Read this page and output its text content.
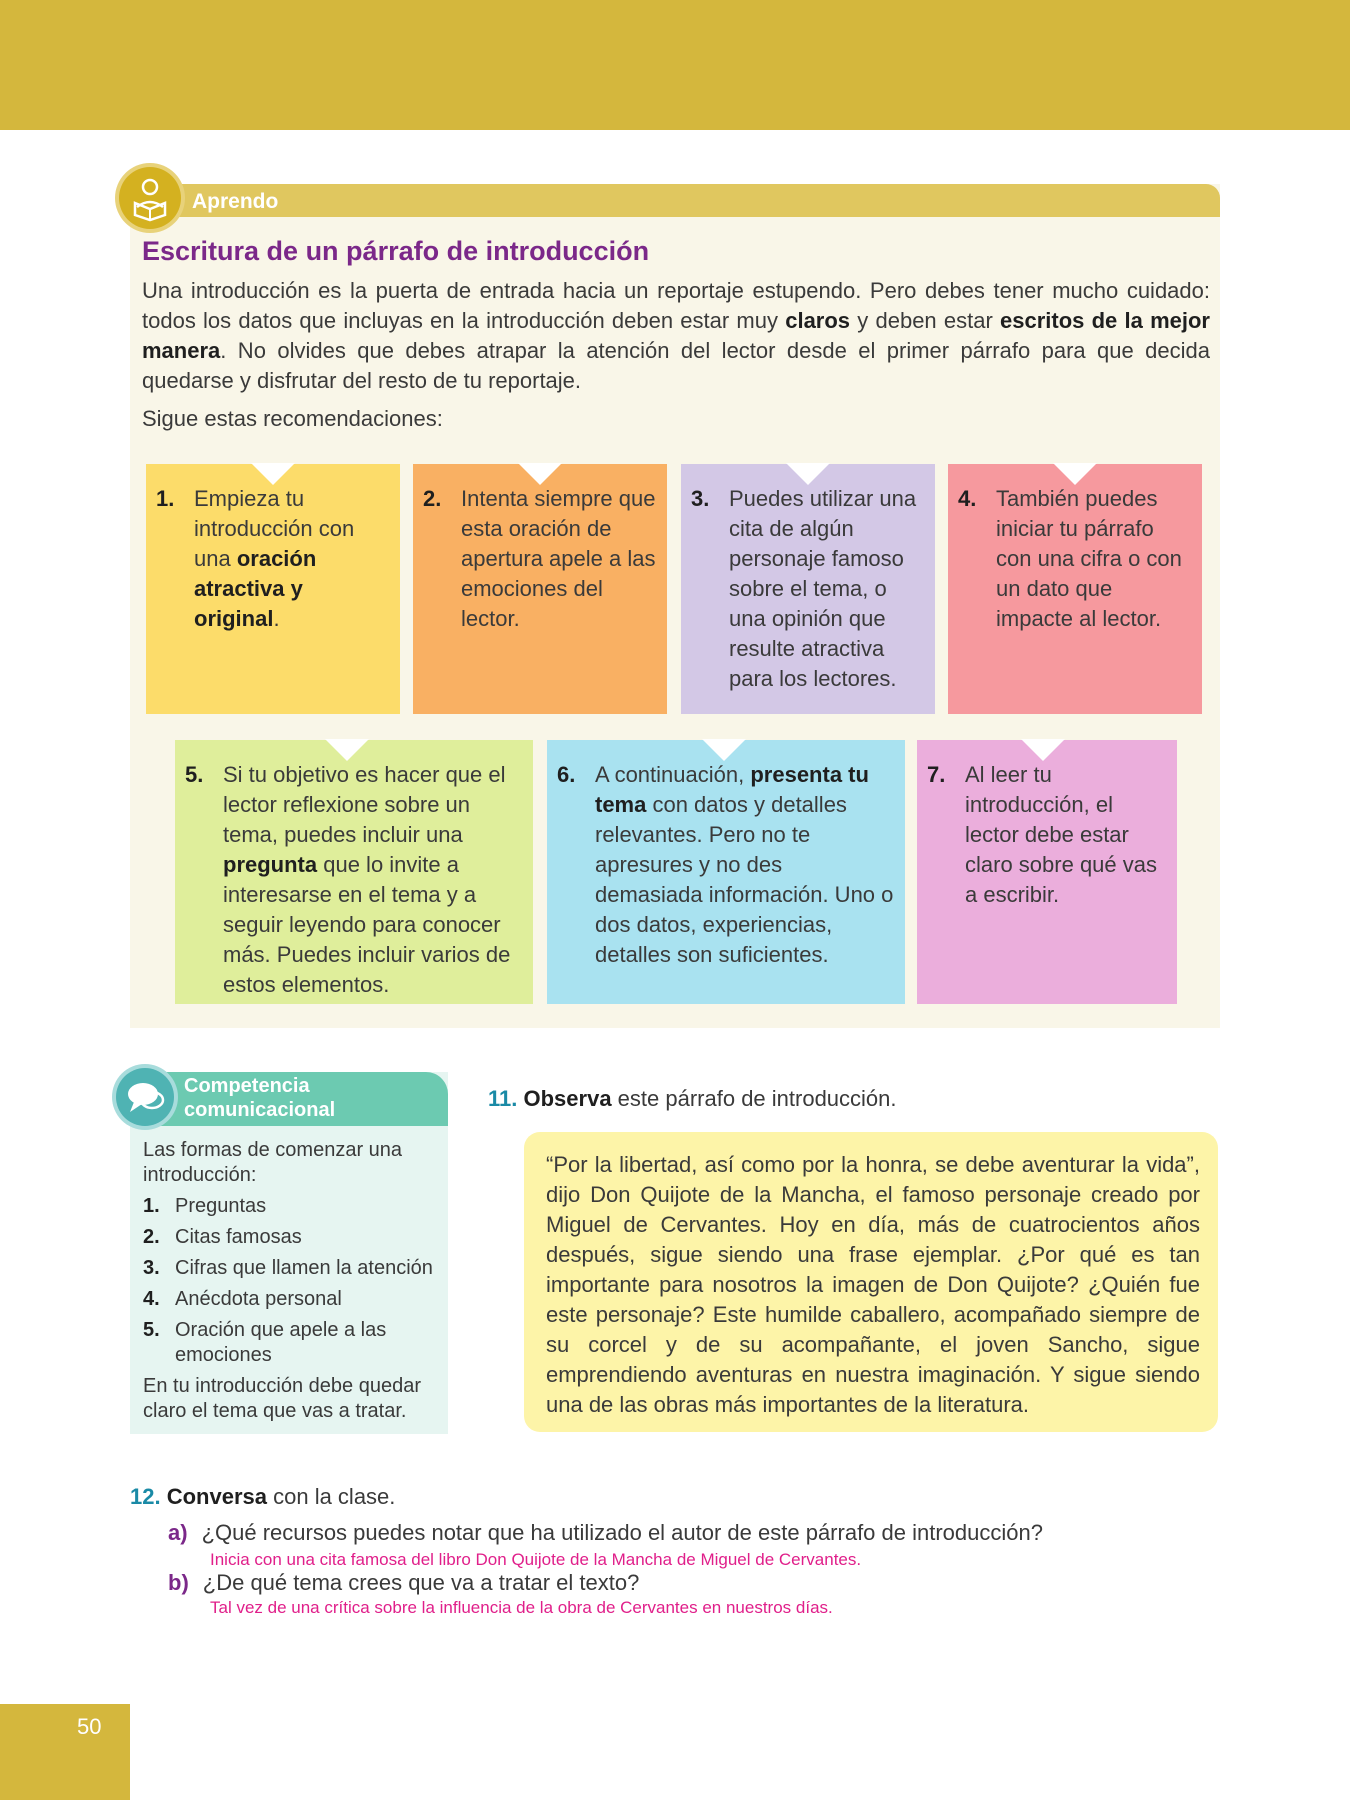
Aprendo
Escritura de un párrafo de introducción

Una introducción es la puerta de entrada hacia un reportaje estupendo. Pero debes tener mucho cuidado: todos los datos que incluyas en la introducción deben estar muy claros y deben estar escritos de la mejor manera. No olvides que debes atrapar la atención del lector desde el primer párrafo para que decida quedarse y disfrutar del resto de tu reportaje.

Sigue estas recomendaciones:

1. Empieza tu introducción con una oración atractiva y original.
2. Intenta siempre que esta oración de apertura apele a las emociones del lector.
3. Puedes utilizar una cita de algún personaje famoso sobre el tema, o una opinión que resulte atractiva para los lectores.
4. También puedes iniciar tu párrafo con una cifra o con un dato que impacte al lector.
5. Si tu objetivo es hacer que el lector reflexione sobre un tema, puedes incluir una pregunta que lo invite a interesarse en el tema y a seguir leyendo para conocer más. Puedes incluir varios de estos elementos.
6. A continuación, presenta tu tema con datos y detalles relevantes. Pero no te apresures y no des demasiada información. Uno o dos datos, experiencias, detalles son suficientes.
7. Al leer tu introducción, el lector debe estar claro sobre qué vas a escribir.
Competencia
comunicacional

Las formas de comenzar una introducción:

1. Preguntas
2. Citas famosas
3. Cifras que llamen la atención
4. Anécdota personal
5. Oración que apele a las emociones

En tu introducción debe quedar claro el tema que vas a tratar.

11. Observa este párrafo de introducción.

“Por la libertad, así como por la honra, se debe aventurar la vida”, dijo Don Quijote de la Mancha, el famoso personaje creado por Miguel de Cervantes. Hoy en día, más de cuatrocientos años después, sigue siendo una frase ejemplar. ¿Por qué es tan importante para nosotros la imagen de Don Quijote? ¿Quién fue este personaje? Este humilde caballero, acompañado siempre de su corcel y de su acompañante, el joven Sancho, sigue emprendiendo aventuras en nuestra imaginación. Y sigue siendo una de las obras más importantes de la literatura.

12. Conversa con la clase.
a) ¿Qué recursos puedes notar que ha utilizado el autor de este párrafo de introducción?
Inicia con una cita famosa del libro Don Quijote de la Mancha de Miguel de Cervantes.
b) ¿De qué tema crees que va a tratar el texto?
Tal vez de una crítica sobre la influencia de la obra de Cervantes en nuestros días.
50
